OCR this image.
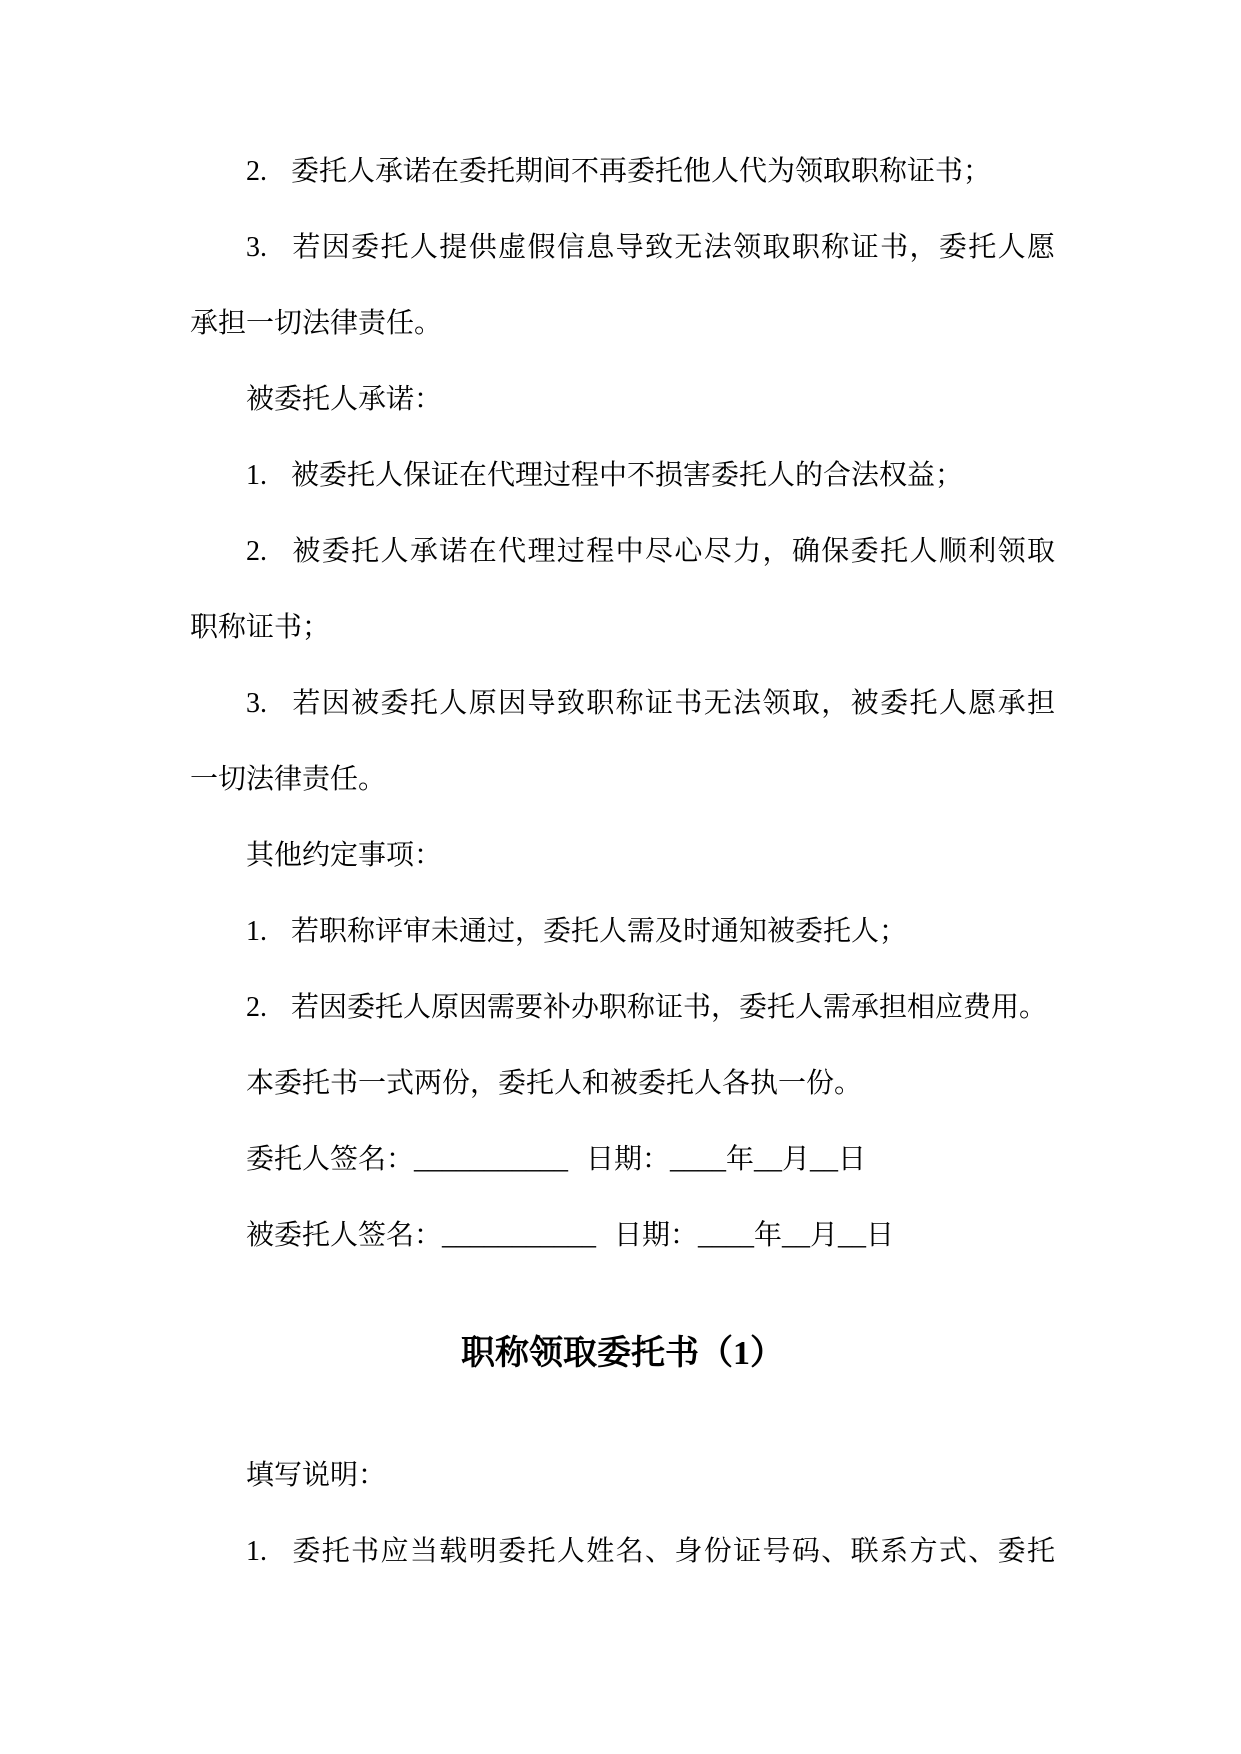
2. 委托人承诺在委托期间不再委托他人代为领取职称证书；
3. 若因委托人提供虚假信息导致无法领取职称证书，委托人愿
承担一切法律责任。
被委托人承诺：
1. 被委托人保证在代理过程中不损害委托人的合法权益；
2. 被委托人承诺在代理过程中尽心尽力，确保委托人顺利领取
职称证书；
3. 若因被委托人原因导致职称证书无法领取，被委托人愿承担
一切法律责任。
其他约定事项：
1. 若职称评审未通过，委托人需及时通知被委托人；
2. 若因委托人原因需要补办职称证书，委托人需承担相应费用。
本委托书一式两份，委托人和被委托人各执一份。
委托人签名：___________ 日期：____年__月__日
被委托人签名：___________ 日期：____年__月__日
职称领取委托书（1）
填写说明：
1. 委托书应当载明委托人姓名、身份证号码、联系方式、委托
